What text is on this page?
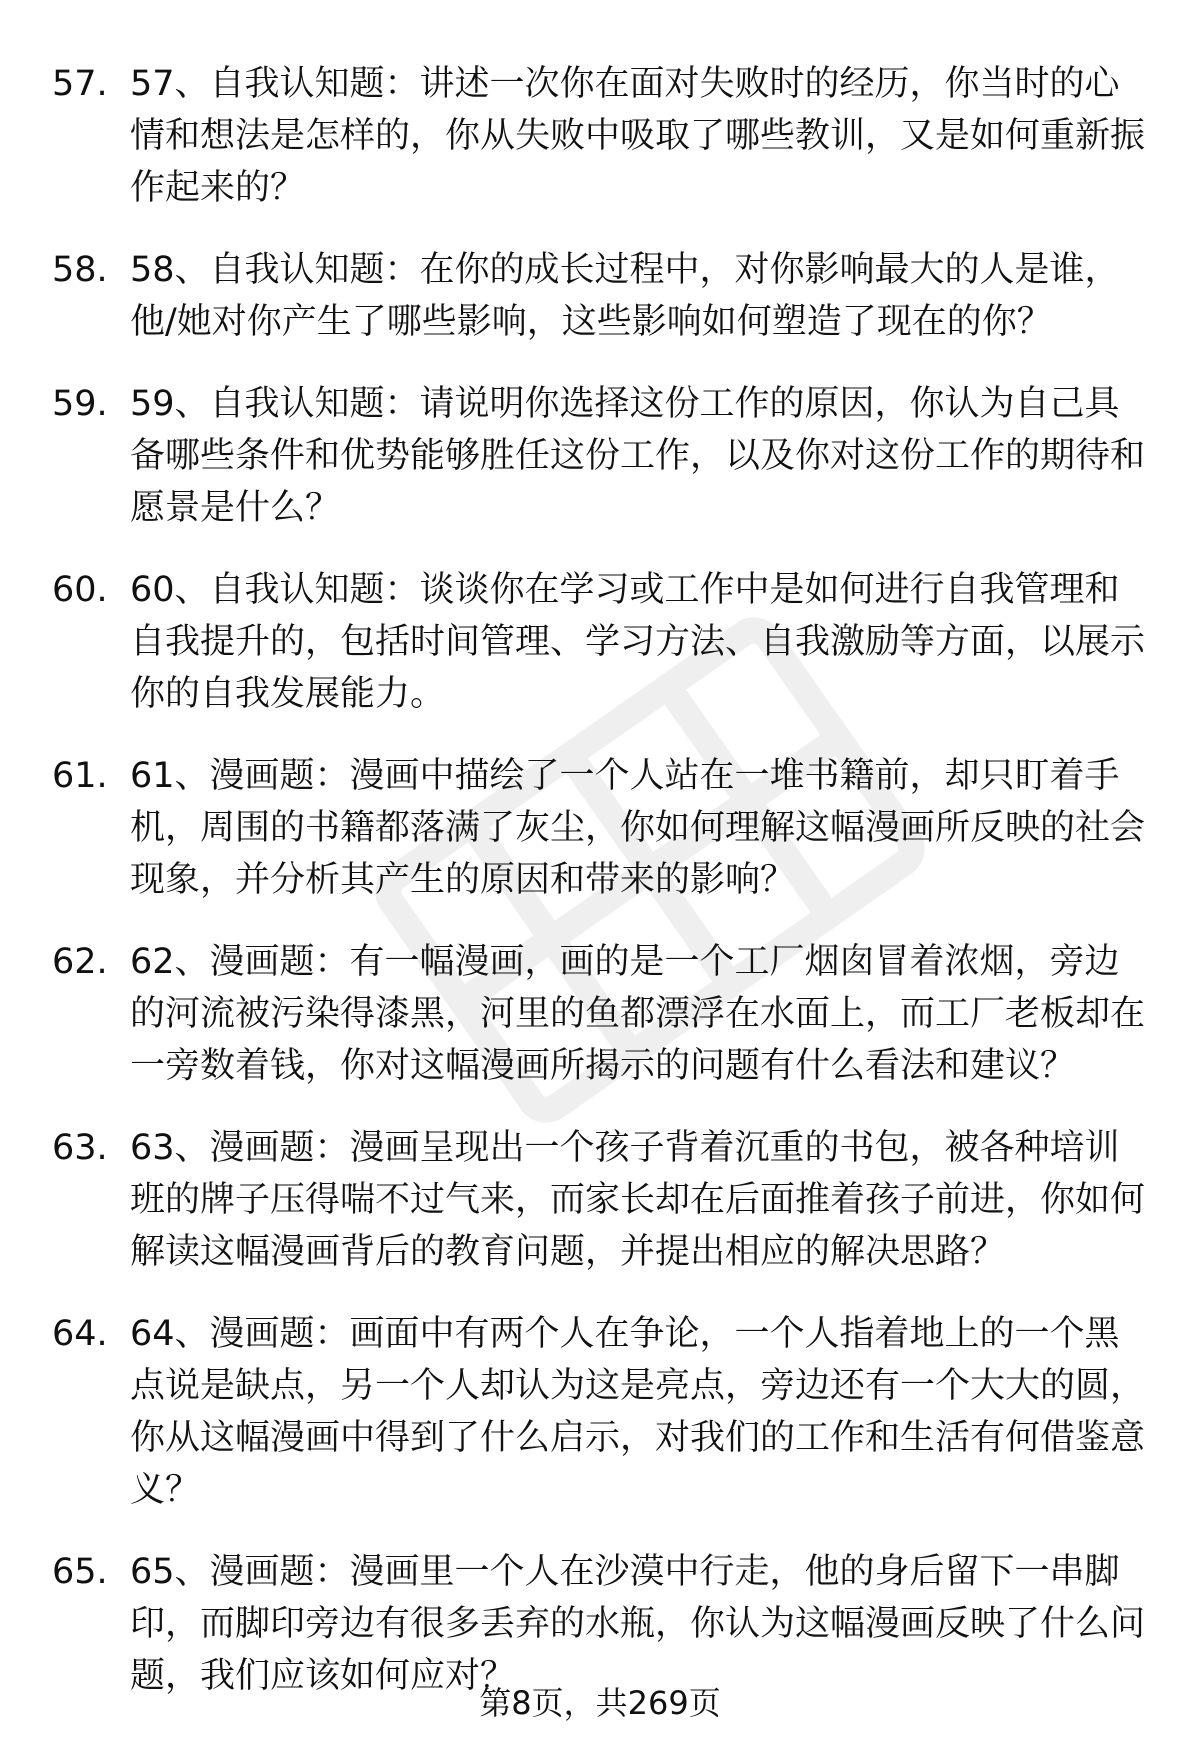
57. 57、自我认知题：讲述一次你在面对失败时的经历，你当时的心情和想法是怎样的，你从失败中吸取了哪些教训，又是如何重新振作起来的？
58. 58、自我认知题：在你的成长过程中，对你影响最大的人是谁，他/她对你产生了哪些影响，这些影响如何塑造了现在的你？
59. 59、自我认知题：请说明你选择这份工作的原因，你认为自己具备哪些条件和优势能够胜任这份工作，以及你对这份工作的期待和愿景是什么？
60. 60、自我认知题：谈谈你在学习或工作中是如何进行自我管理和自我提升的，包括时间管理、学习方法、自我激励等方面，以展示你的自我发展能力。
61. 61、漫画题：漫画中描绘了一个人站在一堆书籍前，却只盯着手机，周围的书籍都落满了灰尘，你如何理解这幅漫画所反映的社会现象，并分析其产生的原因和带来的影响？
62. 62、漫画题：有一幅漫画，画的是一个工厂烟囱冒着浓烟，旁边的河流被污染得漆黑，河里的鱼都漂浮在水面上，而工厂老板却在一旁数着钱，你对这幅漫画所揭示的问题有什么看法和建议？
63. 63、漫画题：漫画呈现出一个孩子背着沉重的书包，被各种培训班的牌子压得喘不过气来，而家长却在后面推着孩子前进，你如何解读这幅漫画背后的教育问题，并提出相应的解决思路？
64. 64、漫画题：画面中有两个人在争论，一个人指着地上的一个黑点说是缺点，另一个人却认为这是亮点，旁边还有一个大大的圆，你从这幅漫画中得到了什么启示，对我们的工作和生活有何借鉴意义？
65. 65、漫画题：漫画里一个人在沙漠中行走，他的身后留下一串脚印，而脚印旁边有很多丢弃的水瓶，你认为这幅漫画反映了什么问题，我们应该如何应对？
第8页，共269页
